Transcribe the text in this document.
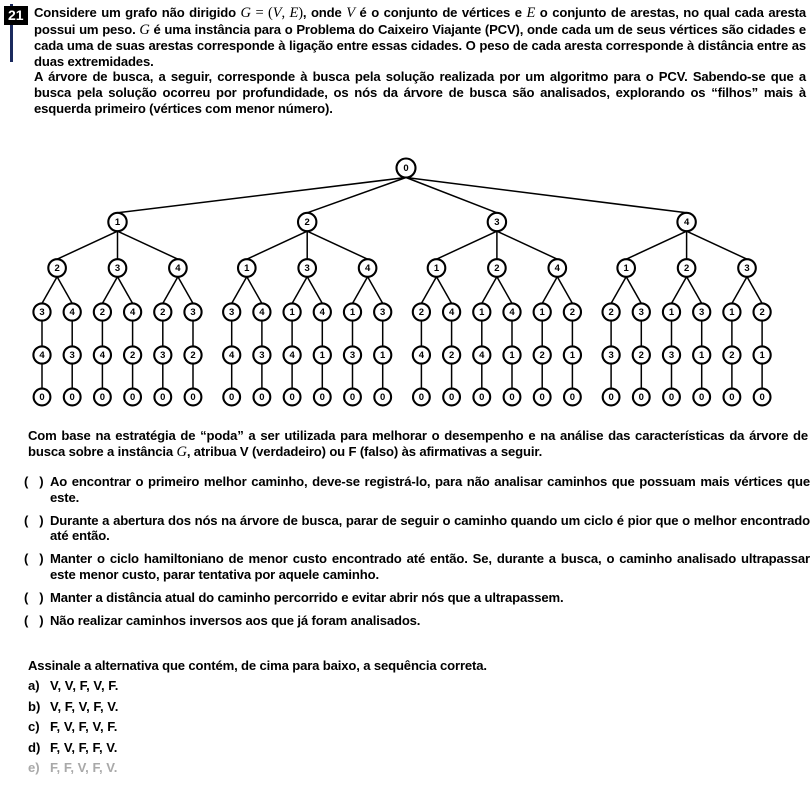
21 Considere um grafo não dirigido G = (V, E), onde V é o conjunto de vértices e E o conjunto de arestas, no qual cada aresta possui um peso. G é uma instância para o Problema do Caixeiro Viajante (PCV), onde cada um de seus vértices são cidades e cada uma de suas arestas corresponde à ligação entre essas cidades. O peso de cada aresta corresponde à distância entre as duas extremidades.

A árvore de busca, a seguir, corresponde à busca pela solução realizada por um algoritmo para o PCV. Sabendo-se que a busca pela solução ocorreu por profundidade, os nós da árvore de busca são analisados, explorando os “filhos” mais à esquerda primeiro (vértices com menor número).

0
1
2
3
4
0
4
3
0
3
2
4
0
4
2
0
4
2
3
0
3
2
0
2
1
3
4
0
4
3
0
3
1
4
0
4
1
0
4
1
3
0
3
1
0
3
1
2
4
0
4
2
0
2
1
4
0
4
1
0
4
1
2
0
2
1
0
4
1
2
3
0
3
2
0
2
1
3
0
3
1
0
3
1
2
0
2
1
0
Com base na estratégia de “poda” a ser utilizada para melhorar o desempenho e na análise das características da árvore de busca sobre a instância G, atribua V (verdadeiro) ou F (falso) às afirmativas a seguir.
(   ) Ao encontrar o primeiro melhor caminho, deve-se registrá-lo, para não analisar caminhos que possuam mais vértices que este.
(   ) Durante a abertura dos nós na árvore de busca, parar de seguir o caminho quando um ciclo é pior que o melhor encontrado até então.
(   ) Manter o ciclo hamiltoniano de menor custo encontrado até então. Se, durante a busca, o caminho analisado ultrapassar este menor custo, parar tentativa por aquele caminho.
(   ) Manter a distância atual do caminho percorrido e evitar abrir nós que a ultrapassem.
(   ) Não realizar caminhos inversos aos que já foram analisados.
Assinale a alternativa que contém, de cima para baixo, a sequência correta.
a) V, V, F, V, F.
b) V, F, V, F, V.
c) F, V, F, V, F.
d) F, V, F, F, V.
e) F, F, V, F, V.
